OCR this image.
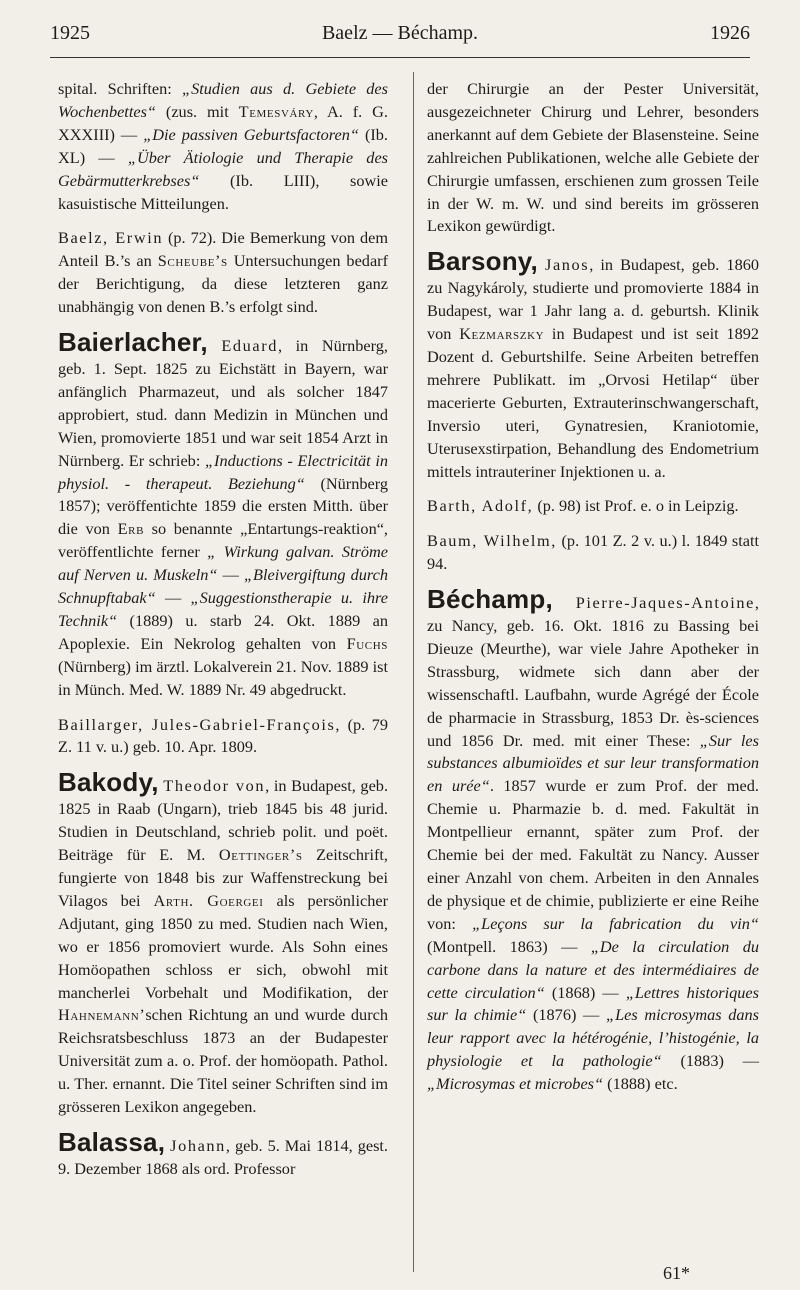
1925	Baelz — Béchamp.	1926

spital. Schriften: „Studien aus d. Gebiete des Wochenbettes“ (zus. mit Temesváry, A. f. G. XXXIII) — „Die passiven Geburtsfactoren“ (Ib. XL) — „Über Ätiologie und Therapie des Gebärmutterkrebses“ (Ib. LIII), sowie kasuistische Mitteilungen.

Baelz, Erwin (p. 72). Die Bemerkung von dem Anteil B.’s an Scheube’s Untersuchungen bedarf der Berichtigung, da diese letzteren ganz unabhängig von denen B.’s erfolgt sind.

Baierlacher, Eduard, in Nürnberg, geb. 1. Sept. 1825 zu Eichstätt in Bayern, war anfänglich Pharmazeut, und als solcher 1847 approbiert, stud. dann Medizin in München und Wien, promovierte 1851 und war seit 1854 Arzt in Nürnberg. Er schrieb: „Inductions - Electricität in physiol. - therapeut. Beziehung“ (Nürnberg 1857); veröffentichte 1859 die ersten Mitth. über die von Erb so benannte „Entartungs-reaktion“, veröffentlichte ferner „ Wirkung galvan. Ströme auf Nerven u. Muskeln“ — „Bleivergiftung durch Schnupftabak“ — „Suggestionstherapie u. ihre Technik“ (1889) u. starb 24. Okt. 1889 an Apoplexie. Ein Nekrolog gehalten von Fuchs (Nürnberg) im ärztl. Lokalverein 21. Nov. 1889 ist in Münch. Med. W. 1889 Nr. 49 abgedruckt.

Baillarger, Jules-Gabriel-François, (p. 79 Z. 11 v. u.) geb. 10. Apr. 1809.

Bakody, Theodor von, in Budapest, geb. 1825 in Raab (Ungarn), trieb 1845 bis 48 jurid. Studien in Deutschland, schrieb polit. und poët. Beiträge für E. M. Oettinger’s Zeitschrift, fungierte von 1848 bis zur Waffenstreckung bei Vilagos bei Arth. Goergei als persönlicher Adjutant, ging 1850 zu med. Studien nach Wien, wo er 1856 promoviert wurde. Als Sohn eines Homöopathen schloss er sich, obwohl mit mancherlei Vorbehalt und Modifikation, der Hahnemann’schen Richtung an und wurde durch Reichsratsbeschluss 1873 an der Budapester Universität zum a. o. Prof. der homöopath. Pathol. u. Ther. ernannt. Die Titel seiner Schriften sind im grösseren Lexikon angegeben.

Balassa, Johann, geb. 5. Mai 1814, gest. 9. Dezember 1868 als ord. Professor

der Chirurgie an der Pester Universität, ausgezeichneter Chirurg und Lehrer, besonders anerkannt auf dem Gebiete der Blasensteine. Seine zahlreichen Publikationen, welche alle Gebiete der Chirurgie umfassen, erschienen zum grossen Teile in der W. m. W. und sind bereits im grösseren Lexikon gewürdigt.

Barsony, Janos, in Budapest, geb. 1860 zu Nagykároly, studierte und promovierte 1884 in Budapest, war 1 Jahr lang a. d. geburtsh. Klinik von Kezmarszky in Budapest und ist seit 1892 Dozent d. Geburtshilfe. Seine Arbeiten betreffen mehrere Publikatt. im „Orvosi Hetilap“ über macerierte Geburten, Extrauterinschwangerschaft, Inversio uteri, Gynatresien, Kraniotomie, Uterusexstirpation, Behandlung des Endometrium mittels intrauteriner Injektionen u. a.

Barth, Adolf, (p. 98) ist Prof. e. o in Leipzig.

Baum, Wilhelm, (p. 101 Z. 2 v. u.) l. 1849 statt 94.

Béchamp, Pierre-Jaques-Antoine, zu Nancy, geb. 16. Okt. 1816 zu Bassing bei Dieuze (Meurthe), war viele Jahre Apotheker in Strassburg, widmete sich dann aber der wissenschaftl. Laufbahn, wurde Agrégé der École de pharmacie in Strassburg, 1853 Dr. ès-sciences und 1856 Dr. med. mit einer These: „Sur les substances albumioïdes et sur leur transformation en urée“. 1857 wurde er zum Prof. der med. Chemie u. Pharmazie b. d. med. Fakultät in Montpellieur ernannt, später zum Prof. der Chemie bei der med. Fakultät zu Nancy. Ausser einer Anzahl von chem. Arbeiten in den Annales de physique et de chimie, publizierte er eine Reihe von: „Leçons sur la fabrication du vin“ (Montpell. 1863) — „De la circulation du carbone dans la nature et des intermédiaires de cette circulation“ (1868) — „Lettres historiques sur la chimie“ (1876) — „Les microsymas dans leur rapport avec la hétérogénie, l’histogénie, la physiologie et la pathologie“ (1883) — „Microsymas et microbes“ (1888) etc.

61*
